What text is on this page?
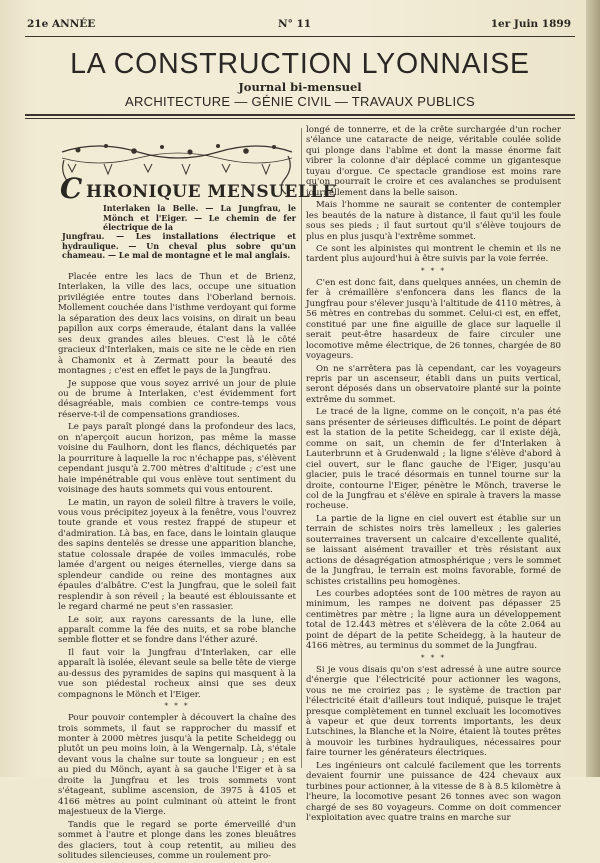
21e ANNÉE	N° 11	1er Juin 1899
LA CONSTRUCTION LYONNAISE
Journal bi-mensuel
ARCHITECTURE — GÉNIE CIVIL — TRAVAUX PUBLICS
C HRONIQUE MENSUELLE
Interlaken la Belle. — La Jungfrau, le Mönch et l'Eiger. — Le chemin de fer électrique de la
Jungfrau. — Les installations électrique et hydraulique. — Un cheval plus sobre qu'un chameau. — Le mal de montagne et le mal anglais.

Placée entre les lacs de Thun et de Brienz, Interlaken, la ville des lacs, occupe une situation privilégiée entre toutes dans l'Oberland bernois. Mollement couchée dans l'isthme verdoyant qui forme la séparation des deux lacs voisins, on dirait un beau papillon aux corps émeraude, étalant dans la vallée ses deux grandes ailes bleues. C'est là le côté gracieux d'Interlaken, mais ce site ne le cède en rien à Chamonix et à Zermatt pour la beauté des montagnes ; c'est en effet le pays de la Jungfrau.

Je suppose que vous soyez arrivé un jour de pluie ou de brume à Interlaken, c'est évidemment fort désagréable, mais combien ce contre-temps vous réserve-t-il de compensations grandioses.

Le pays paraît plongé dans la profondeur des lacs, on n'aperçoit aucun horizon, pas même la masse voisine du Faulhorn, dont les flancs, déchiquetés par la pourriture à laquelle la roc n'échappe pas, s'élèvent cependant jusqu'à 2.700 mètres d'altitude ; c'est une haie impénétrable qui vous enlève tout sentiment du voisinage des hauts sommets qui vous entourent.

Le matin, un rayon de soleil filtre à travers le voile, vous vous précipitez joyeux à la fenêtre, vous l'ouvrez toute grande et vous restez frappé de stupeur et d'admiration. Là bas, en face, dans le lointain glauque des sapins dentelés se dresse une apparition blanche, statue colossale drapée de voiles immaculés, robe lamée d'argent ou neiges éternelles, vierge dans sa splendeur candide ou reine des montagnes aux épaules d'albâtre. C'est la Jungfrau, que le soleil fait resplendir à son réveil ; la beauté est éblouissante et le regard charmé ne peut s'en rassasier.

Le soir, aux rayons caressants de la lune, elle apparaît comme la fée des nuits, et sa robe blanche semble flotter et se fondre dans l'éther azuré.

Il faut voir la Jungfrau d'Interlaken, car elle apparaît là isolée, élevant seule sa belle tête de vierge au-dessus des pyramides de sapins qui masquent à la vue son piédestal rocheux ainsi que ses deux compagnons le Mönch et l'Eiger.

* * *

Pour pouvoir contempler à découvert la chaîne des trois sommets, il faut se rapprocher du massif et monter à 2000 mètres jusqu'à la petite Scheidegg ou plutôt un peu moins loin, à la Wengernalp. Là, s'étale devant vous la chaîne sur toute sa longueur ; en est au pied du Mönch, ayant à sa gauche l'Eiger et à sa droite la Jungfrau et les trois sommets vont s'étageant, sublime ascension, de 3975 à 4105 et 4166 mètres au point culminant où atteint le front majestueux de la Vierge.

Tandis que le regard se porte émerveillé d'un sommet à l'autre et plonge dans les zones bleuâtres des glaciers, tout à coup retentit, au milieu des solitudes silencieuses, comme un roulement pro-

longé de tonnerre, et de la crête surchargée d'un rocher s'élance une cataracte de neige, véritable coulée solide qui plonge dans l'abîme et dont la masse énorme fait vibrer la colonne d'air déplacé comme un gigantesque tuyau d'orgue. Ce spectacle grandiose est moins rare qu'on pourrait le croire et ces avalanches se produisent journellement dans la belle saison.

Mais l'homme ne saurait se contenter de contempler les beautés de la nature à distance, il faut qu'il les foule sous ses pieds ; il faut surtout qu'il s'élève toujours de plus en plus jusqu'à l'extrême sommet.

Ce sont les alpinistes qui montrent le chemin et ils ne tardent plus aujourd'hui à être suivis par la voie ferrée.

* * *

C'en est donc fait, dans quelques années, un chemin de fer à crémaillère s'enfoncera dans les flancs de la Jungfrau pour s'élever jusqu'à l'altitude de 4110 mètres, à 56 mètres en contrebas du sommet. Celui-ci est, en effet, constitué par une fine aiguille de glace sur laquelle il serait peut-être hasardeux de faire circuler une locomotive même électrique, de 26 tonnes, chargée de 80 voyageurs.

On ne s'arrêtera pas là cependant, car les voyageurs repris par un ascenseur, établi dans un puits vertical, seront déposés dans un observatoire planté sur la pointe extrême du sommet.

Le tracé de la ligne, comme on le conçoit, n'a pas été sans présenter de sérieuses difficultés. Le point de départ est la station de la petite Scheidegg, car il existe déjà, comme on sait, un chemin de fer d'Interlaken à Lauterbrunn et à Grudenwald ; la ligne s'élève d'abord à ciel ouvert, sur le flanc gauche de l'Eiger, jusqu'au glacier, puis le tracé désormais en tunnel tourne sur la droite, contourne l'Eiger, pénètre le Mönch, traverse le col de la Jungfrau et s'élève en spirale à travers la masse rocheuse.

La partie de la ligne en ciel ouvert est établie sur un terrain de schistes noirs très lamelleux ; les galeries souterraines traversent un calcaire d'excellente qualité, se laissant aisément travailler et très résistant aux actions de désagrégation atmosphérique ; vers le sommet de la Jungfrau, le terrain est moins favorable, formé de schistes cristallins peu homogènes.

Les courbes adoptées sont de 100 mètres de rayon au minimum, les rampes ne doivent pas dépasser 25 centimètres par mètre ; la ligne aura un développement total de 12.443 mètres et s'élèvera de la côte 2.064 au point de départ de la petite Scheidegg, à la hauteur de 4166 mètres, au terminus du sommet de la Jungfrau.

* * *

Si je vous disais qu'on s'est adressé à une autre source d'énergie que l'électricité pour actionner les wagons, vous ne me croiriez pas ; le système de traction par l'électricité était d'ailleurs tout indiqué, puisque le trajet presque complètement en tunnel excluait les locomotives à vapeur et que deux torrents importants, les deux Lutschines, la Blanche et la Noire, étaient là toutes prêtes à mouvoir les turbines hydrauliques, nécessaires pour faire tourner les générateurs électriques.

Les ingénieurs ont calculé facilement que les torrents devaient fournir une puissance de 424 chevaux aux turbines pour actionner, à la vitesse de 8 à 8.5 kilomètre à l'heure, la locomotive pesant 26 tonnes avec son wagon chargé de ses 80 voyageurs. Comme on doit commencer l'exploitation avec quatre trains en marche sur
